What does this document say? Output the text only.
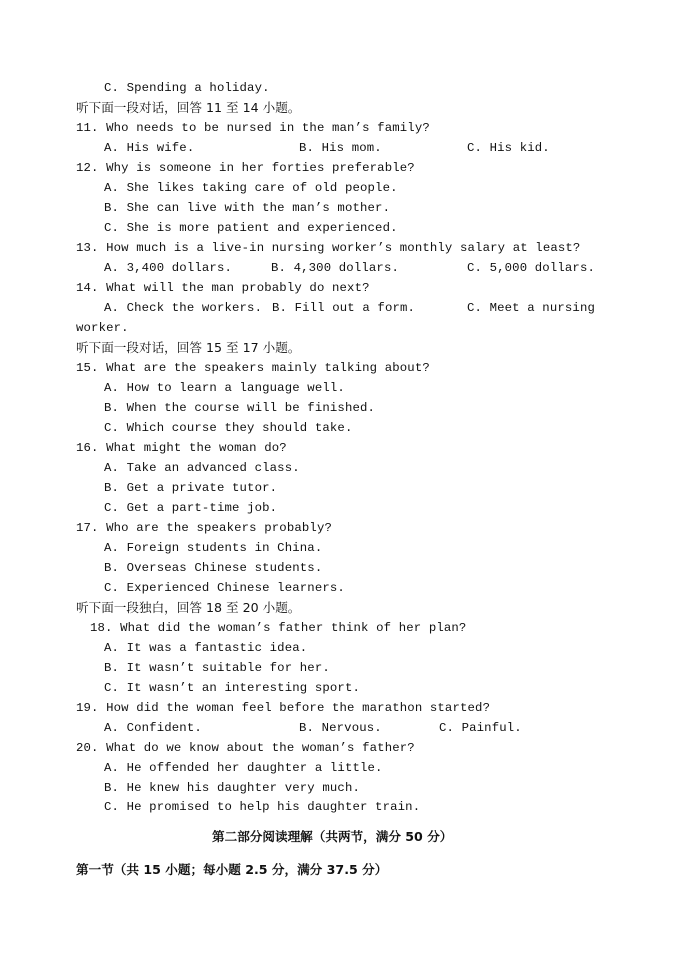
C. Spending a holiday.
听下面一段对话，回答 11 至 14 小题。
11. Who needs to be nursed in the man’s family?
A. His wife.	B. His mom.	C. His kid.
12. Why is someone in her forties preferable?
A. She likes taking care of old people.
B. She can live with the man’s mother.
C. She is more patient and experienced.
13. How much is a live-in nursing worker’s monthly salary at least?
A. 3,400 dollars.	B. 4,300 dollars.	C. 5,000 dollars.
14. What will the man probably do next?
A. Check the workers. B. Fill out a form.	C. Meet a nursing
worker.
听下面一段对话，回答 15 至 17 小题。
15. What are the speakers mainly talking about?
A. How to learn a language well.
B. When the course will be finished.
C. Which course they should take.
16. What might the woman do?
A. Take an advanced class.
B. Get a private tutor.
C. Get a part-time job.
17. Who are the speakers probably?
A. Foreign students in China.
B. Overseas Chinese students.
C. Experienced Chinese learners.
听下面一段独白，回答 18 至 20 小题。
18. What did the woman’s father think of her plan?
A. It was a fantastic idea.
B. It wasn’t suitable for her.
C. It wasn’t an interesting sport.
19. How did the woman feel before the marathon started?
A. Confident.	B. Nervous.	C. Painful.
20. What do we know about the woman’s father?
A. He offended her daughter a little.
B. He knew his daughter very much.
C. He promised to help his daughter train.
第二部分阅读理解（共两节，满分 50 分）
第一节（共 15 小题；每小题 2.5 分，满分 37.5 分）
